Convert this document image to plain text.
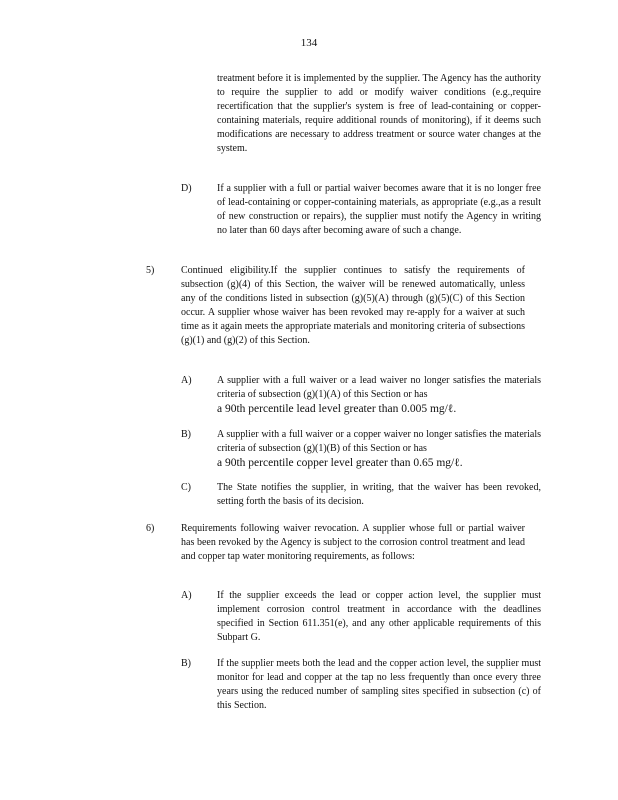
134
treatment before it is implemented by the supplier. The Agency has the authority to require the supplier to add or modify waiver conditions (e.g.,require recertification that the supplier's system is free of lead-containing or copper-containing materials, require additional rounds of monitoring), if it deems such modifications are necessary to address treatment or source water changes at the system.
D)	If a supplier with a full or partial waiver becomes aware that it is no longer free of lead-containing or copper-containing materials, as appropriate (e.g.,as a result of new construction or repairs), the supplier must notify the Agency in writing no later than 60 days after becoming aware of such a change.
5)	Continued eligibility.If the supplier continues to satisfy the requirements of subsection (g)(4) of this Section, the waiver will be renewed automatically, unless any of the conditions listed in subsection (g)(5)(A) through (g)(5)(C) of this Section occur. A supplier whose waiver has been revoked may re-apply for a waiver at such time as it again meets the appropriate materials and monitoring criteria of subsections (g)(1) and (g)(2) of this Section.
A)	A supplier with a full waiver or a lead waiver no longer satisfies the materials criteria of subsection (g)(1)(A) of this Section or has
a 90th percentile lead level greater than 0.005 mg/ℓ.
B)	A supplier with a full waiver or a copper waiver no longer satisfies the materials criteria of subsection (g)(1)(B) of this Section or has
a 90th percentile copper level greater than 0.65 mg/ℓ.
C)	The State notifies the supplier, in writing, that the waiver has been revoked, setting forth the basis of its decision.
6)	Requirements following waiver revocation. A supplier whose full or partial waiver has been revoked by the Agency is subject to the corrosion control treatment and lead and copper tap water monitoring requirements, as follows:
A)	If the supplier exceeds the lead or copper action level, the supplier must implement corrosion control treatment in accordance with the deadlines specified in Section 611.351(e), and any other applicable requirements of this Subpart G.
B)	If the supplier meets both the lead and the copper action level, the supplier must monitor for lead and copper at the tap no less frequently than once every three years using the reduced number of sampling sites specified in subsection (c) of this Section.
